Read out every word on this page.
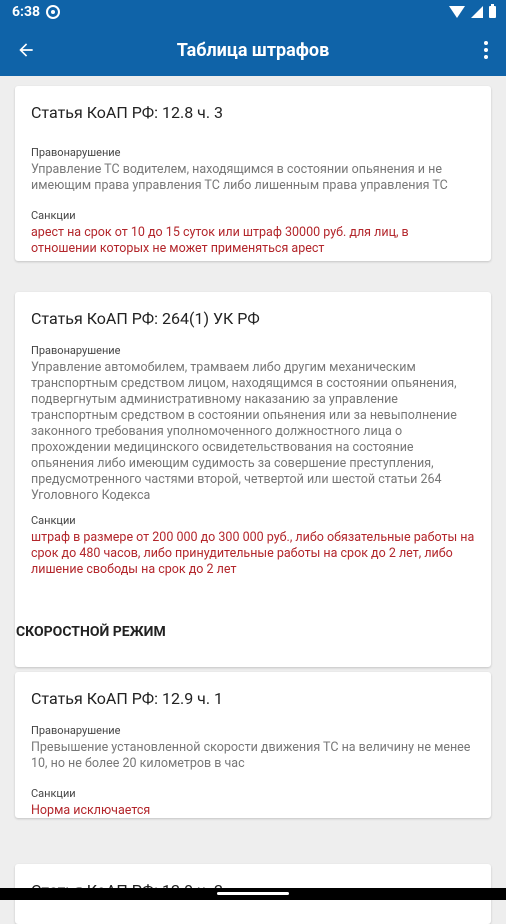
6:38
Таблица штрафов
Статья КоАП РФ: 12.8 ч. 3
Правонарушение
Управление ТС водителем, находящимся в состоянии опьянения и не имеющим права управления ТС либо лишенным права управления ТС
Санкции
арест на срок от 10 до 15 суток или штраф 30000 руб. для лиц, в отношении которых не может применяться арест
Статья КоАП РФ: 264(1) УК РФ
Правонарушение
Управление автомобилем, трамваем либо другим механическим транспортным средством лицом, находящимся в состоянии опьянения, подвергнутым административному наказанию за управление транспортным средством в состоянии опьянения или за невыполнение законного требования уполномоченного должностного лица о прохождении медицинского освидетельствования на состояние опьянения либо имеющим судимость за совершение преступления, предусмотренного частями второй, четвертой или шестой статьи 264 Уголовного Кодекса
Санкции
штраф в размере от 200 000 до 300 000 руб., либо обязательные работы на срок до 480 часов, либо принудительные работы на срок до 2 лет, либо лишение свободы на срок до 2 лет
СКОРОСТНОЙ РЕЖИМ
Статья КоАП РФ: 12.9 ч. 1
Правонарушение
Превышение установленной скорости движения ТС на величину не менее 10, но не более 20 километров в час
Санкции
Норма исключается
